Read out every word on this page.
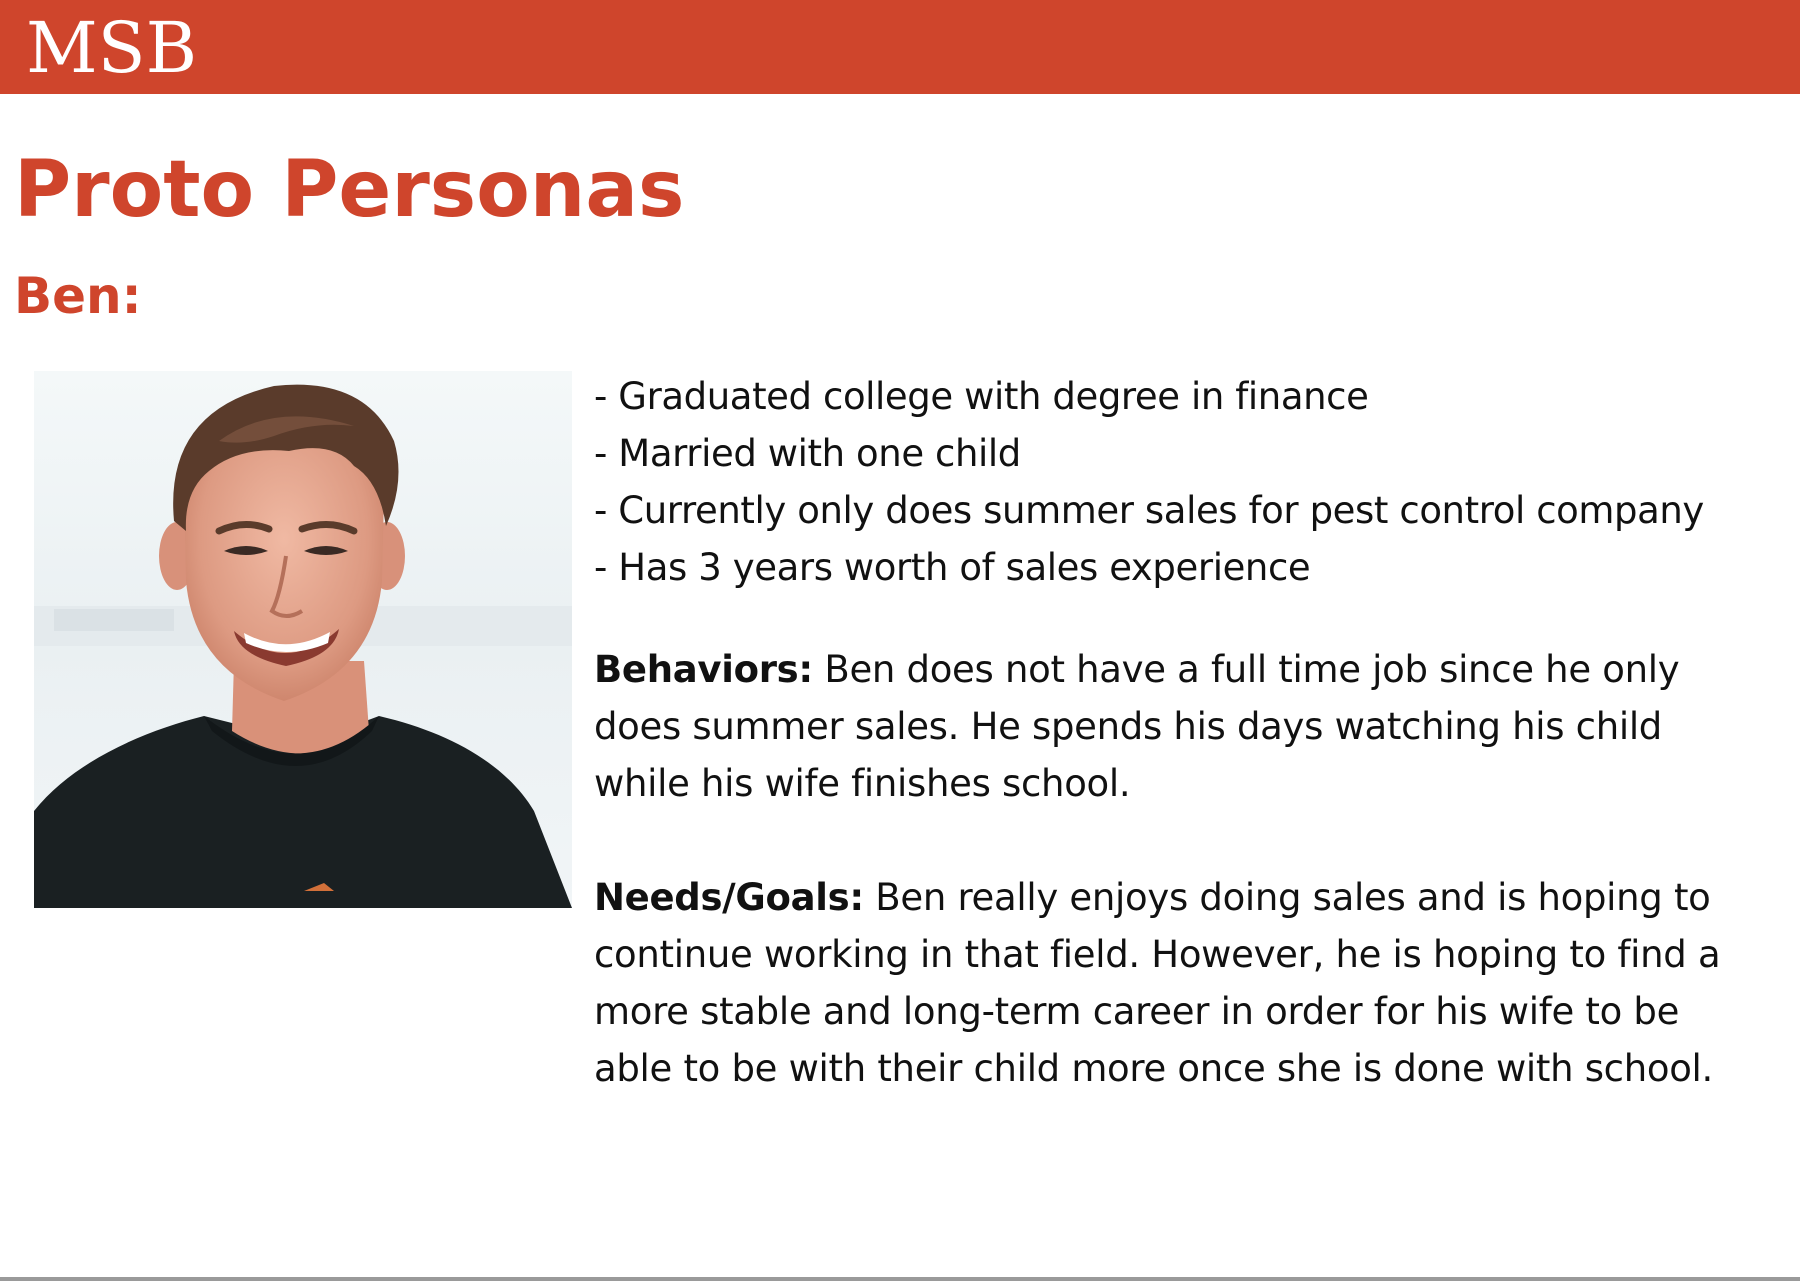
MSB
Proto Personas
Ben:
- Graduated college with degree in finance
- Married with one child
- Currently only does summer sales for pest control company
- Has 3 years worth of sales experience

Behaviors: Ben does not have a full time job since he only does summer sales. He spends his days watching his child while his wife finishes school.

Needs/Goals: Ben really enjoys doing sales and is hoping to continue working in that field. However, he is hoping to find a more stable and long-term career in order for his wife to be able to be with their child more once she is done with school.
